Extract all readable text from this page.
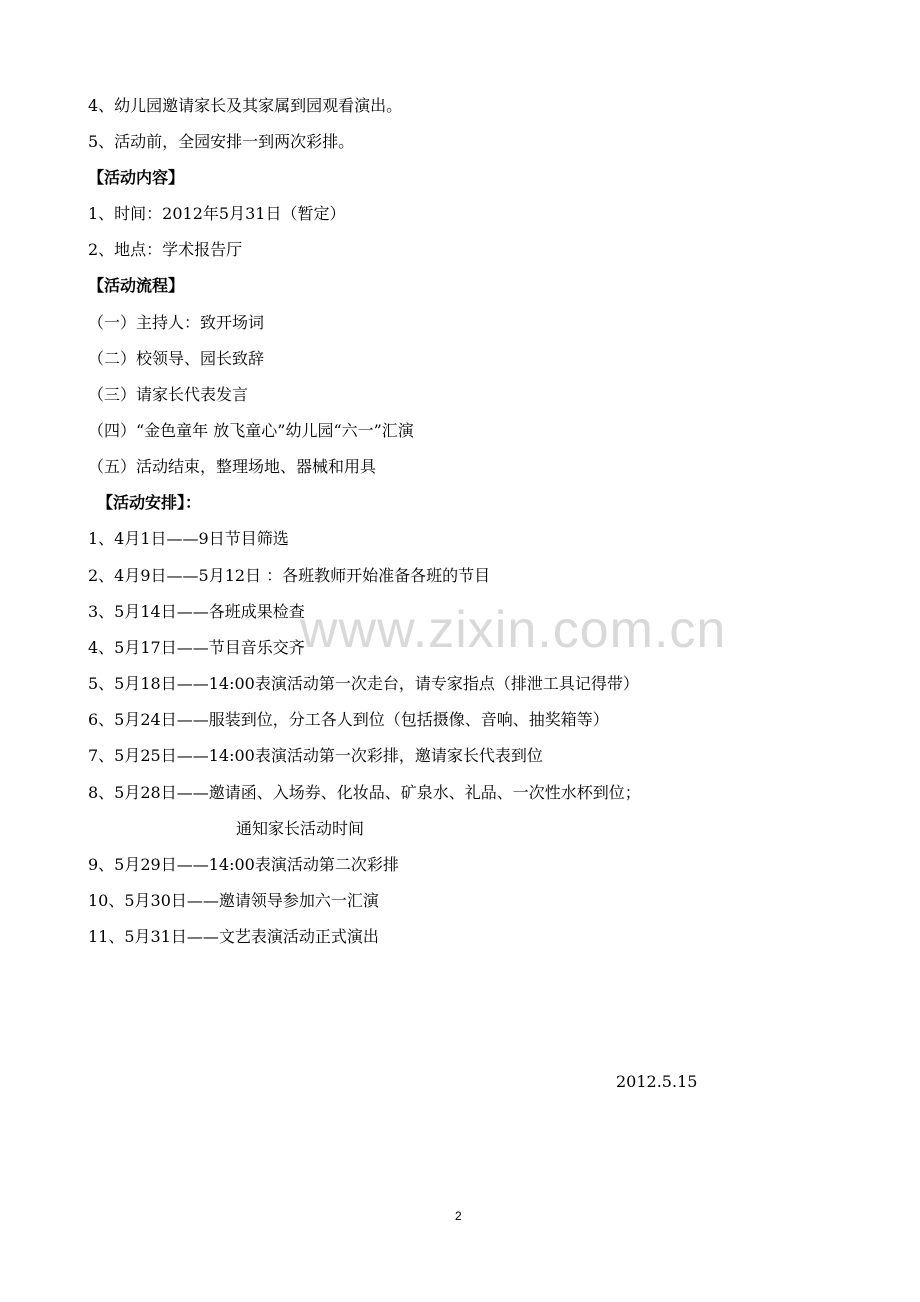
www.zixin.com.cn
4、幼儿园邀请家长及其家属到园观看演出。
5、活动前，全园安排一到两次彩排。
【活动内容】
1、时间：2012年5月31日（暂定）
2、地点：学术报告厅
【活动流程】
（一）主持人：致开场词
（二）校领导、园长致辞
（三）请家长代表发言
（四）“金色童年 放飞童心”幼儿园“六一”汇演
（五）活动结束，整理场地、器械和用具
【活动安排】：
1、4月1日——9日节目筛选
2、4月9日——5月12日 ：各班教师开始准备各班的节目
3、5月14日——各班成果检查
4、5月17日——节目音乐交齐
5、5月18日——14:00表演活动第一次走台，请专家指点（排泄工具记得带）
6、5月24日——服装到位，分工各人到位（包括摄像、音响、抽奖箱等）
7、5月25日——14:00表演活动第一次彩排，邀请家长代表到位
8、5月28日——邀请函、入场券、化妆品、矿泉水、礼品、一次性水杯到位；
通知家长活动时间
9、5月29日——14:00表演活动第二次彩排
10、5月30日——邀请领导参加六一汇演
11、5月31日——文艺表演活动正式演出
2012.5.15
2
